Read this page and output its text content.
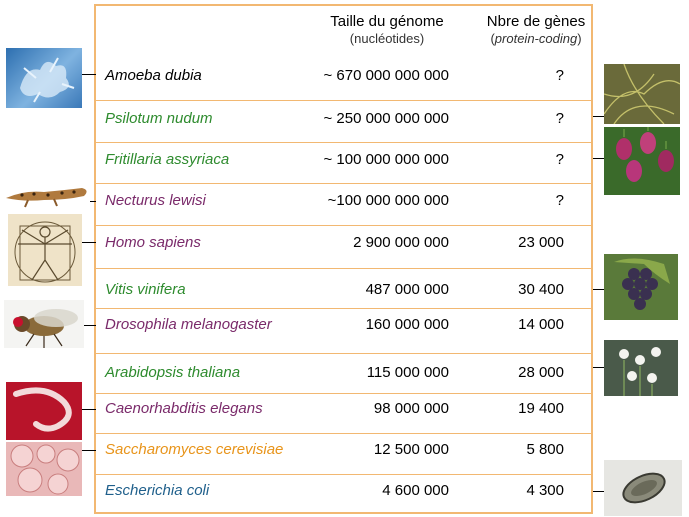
Taille du génome
(nucléotides)
Nbre de gènes
(protein-coding)
Amoeba dubia	~ 670 000 000 000	?
Psilotum nudum	~ 250 000 000 000	?
Fritillaria assyriaca	~ 100 000 000 000	?
Necturus lewisi	~100 000 000 000	?
Homo sapiens	2 900 000 000	23 000
Vitis vinifera	487 000 000	30 400
Drosophila melanogaster	160 000 000	14 000
Arabidopsis thaliana	115 000 000	28 000
Caenorhabditis elegans	98 000 000	19 400
Saccharomyces cerevisiae	12 500 000	5 800
Escherichia coli	4 600 000	4 300
